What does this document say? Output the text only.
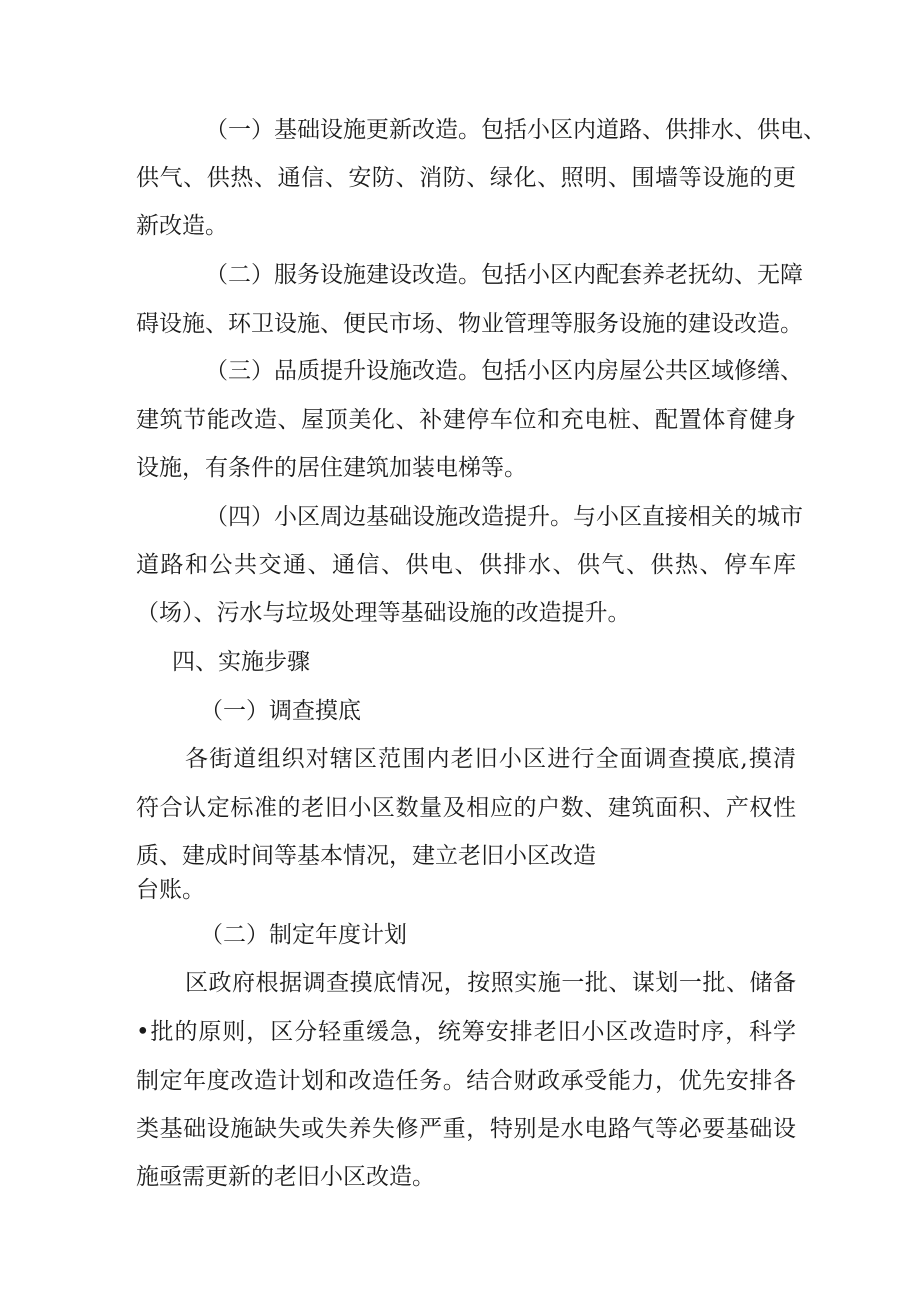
（一）基础设施更新改造。包括小区内道路、供排水、供电、
供气、供热、通信、安防、消防、绿化、照明、围墙等设施的更
新改造。
（二）服务设施建设改造。包括小区内配套养老抚幼、无障
碍设施、环卫设施、便民市场、物业管理等服务设施的建设改造。
（三）品质提升设施改造。包括小区内房屋公共区域修缮、
建筑节能改造、屋顶美化、补建停车位和充电桩、配置体育健身
设施，有条件的居住建筑加装电梯等。
（四）小区周边基础设施改造提升。与小区直接相关的城市
道路和公共交通、通信、供电、供排水、供气、供热、停车库
（场）、污水与垃圾处理等基础设施的改造提升。
四、实施步骤
（一）调查摸底
各街道组织对辖区范围内老旧小区进行全面调查摸底,摸清
符合认定标准的老旧小区数量及相应的户数、建筑面积、产权性
质、建成时间等基本情况，建立老旧小区改造
台账。
（二）制定年度计划
区政府根据调查摸底情况，按照实施一批、谋划一批、储备
•批的原则，区分轻重缓急，统筹安排老旧小区改造时序，科学
制定年度改造计划和改造任务。结合财政承受能力，优先安排各
类基础设施缺失或失养失修严重，特别是水电路气等必要基础设
施亟需更新的老旧小区改造。
